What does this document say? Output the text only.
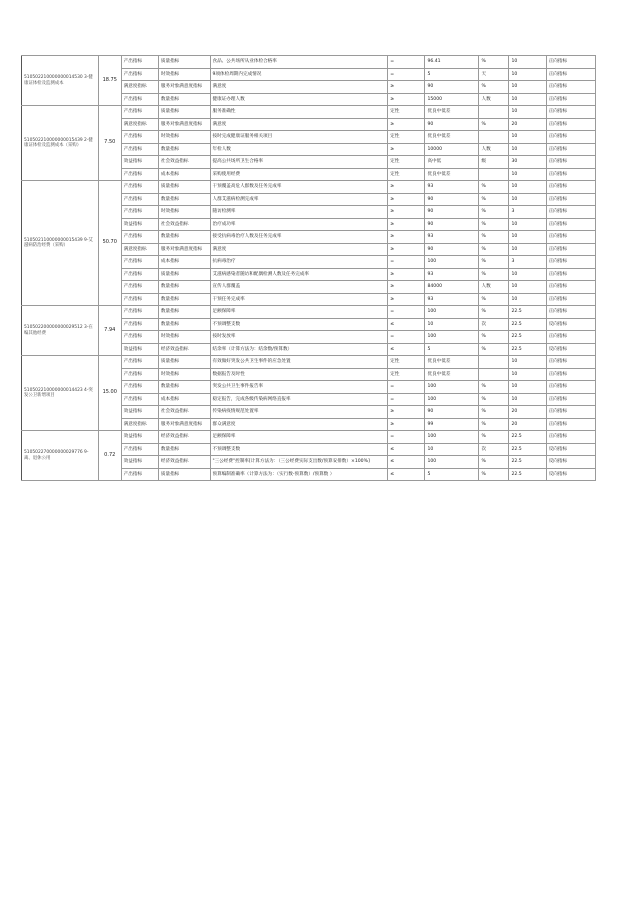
510502210000000014530 3-健康证体检及监测成本	18.75	产出指标	质量指标	食品、公共场所从业体检合格率	=	96.41	%	10	正向指标
		产出指标	时效指标	9项体检周期内完成情况	=	5	天	10	正向指标
		满意度指标	服务对象满意度指标	满意度	≥	90	%	10	正向指标
		产出指标	数量指标	健康证办理人数	≥	15000	人数	10	正向指标
510502210000000015439 2-健康证体检及监测成本（采购）	7.50	产出指标	质量指标	服务准确性	定性	优良中低差		10	正向指标
		满意度指标	服务对象满意度指标	满意度	≥	90	%	20	正向指标
		产出指标	时效指标	按时完成健康证服务相关项目	定性	优良中低差		10	正向指标
		产出指标	数量指标	年检人数	≥	10000	人数	10	正向指标
		效益指标	社会效益指标	提高公共场所卫生合格率	定性	高中低	级	30	正向指标
		产出指标	成本指标	采购使用经费	定性	优良中低差		10	正向指标
510502110000000015439 9-艾滋病防治经费（采购）	50.70	产出指标	质量指标	干预覆盖高危人群数及任务完成率	≥	93	%	10	正向指标
		产出指标	数量指标	人群艾滋病检测完成率	≥	90	%	10	正向指标
		产出指标	时效指标	随访检测率	≥	90	%	3	正向指标
		效益指标	社会效益指标	治疗成功率	≥	90	%	10	正向指标
		产出指标	数量指标	接受抗病毒治疗人数及任务完成率	≥	93	%	10	正向指标
		满意度指标	服务对象满意度指标	满意度	≥	90	%	10	正向指标
		产出指标	成本指标	抗病毒治疗	=	100	%	3	正向指标
		产出指标	质量指标	艾滋病感染者随访和配偶检测人数及任务完成率	≥	93	%	10	正向指标
		产出指标	数量指标	宣传人群覆盖	≥	84000	人数	10	正向指标
		产出指标	数量指标	干预任务完成率	≥	93	%	10	正向指标
510502200000000029512 3-在编其他经费	7.94	产出指标	数量指标	足额保障率	=	100	%	22.5	正向指标
		产出指标	数量指标	不预调整支数	≤	10	次	22.5	反向指标
		产出指标	时效指标	按时发放率	=	100	%	22.5	正向指标
		效益指标	经济效益指标	结余率（计算方法为：结余数/预算数）	≤	5	%	22.5	反向指标
510502210000000014423 4-突发公卫新增项目	15.00	产出指标	质量指标	有效做好突发公共卫生事件的应急处置	定性	优良中低差		10	正向指标
		产出指标	时效指标	数据报告及时性	定性	优良中低差		10	正向指标
		产出指标	数量指标	突发公共卫生事件报告率	=	100	%	10	正向指标
		产出指标	成本指标	稳定报告，完成各级传染病网络直报率	=	100	%	10	正向指标
		效益指标	社会效益指标	传染病疫情规范处置率	≥	90	%	20	正向指标
		满意度指标	服务对象满意度指标	群众满意度	≥	99	%	20	正向指标
510502270000000029776 9-离、退休公用	0.72	效益指标	经济效益指标	足额保障率	=	100	%	22.5	正向指标
		产出指标	数量指标	不预调整支数	≤	10	次	22.5	反向指标
		效益指标	经济效益指标	"三公经费"控制率[计算方法为：（三公经费实际支出数/预算安排数）×100%]	≤	100	%	22.5	反向指标
		产出指标	质量指标	预算编制准确率（计算方法为：（实行数-预算数）/预算数 ）	≤	5	%	22.5	反向指标
